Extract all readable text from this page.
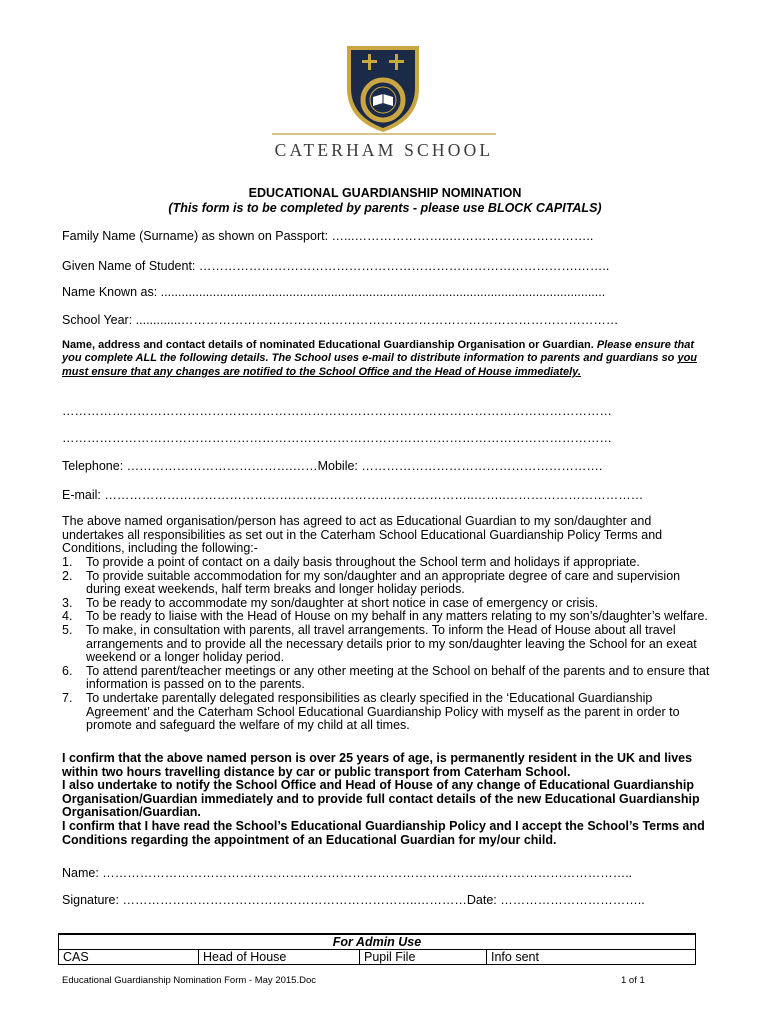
CATERHAM SCHOOL
EDUCATIONAL GUARDIANSHIP NOMINATION
(This form is to be completed by parents - please use BLOCK CAPITALS)
Family Name (Surname) as shown on Passport: …...…………………..……………………………..
Given Name of Student: ……………………………………………………………………………….……..
Name Known as: ................................................................................................................................
School Year: .............……………………………………………………………………………………………
Name, address and contact details of nominated Educational Guardianship Organisation or Guardian. Please ensure that you complete ALL the following details. The School uses e-mail to distribute information to parents and guardians so you must ensure that any changes are notified to the School Office and the Head of House immediately.
……………………………………………………………………………………………………………………
……………………………………………………………………………………………………………………
Telephone: ………………………………….……Mobile: ………………………………………………….
E-mail: ……………………………………………………………………………..……..……………………………
The above named organisation/person has agreed to act as Educational Guardian to my son/daughter and undertakes all responsibilities as set out in the Caterham School Educational Guardianship Policy Terms and Conditions, including the following:-
1. To provide a point of contact on a daily basis throughout the School term and holidays if appropriate.
2. To provide suitable accommodation for my son/daughter and an appropriate degree of care and supervision during exeat weekends, half term breaks and longer holiday periods.
3. To be ready to accommodate my son/daughter at short notice in case of emergency or crisis.
4. To be ready to liaise with the Head of House on my behalf in any matters relating to my son’s/daughter’s welfare.
5. To make, in consultation with parents, all travel arrangements. To inform the Head of House about all travel arrangements and to provide all the necessary details prior to my son/daughter leaving the School for an exeat weekend or a longer holiday period.
6. To attend parent/teacher meetings or any other meeting at the School on behalf of the parents and to ensure that information is passed on to the parents.
7. To undertake parentally delegated responsibilities as clearly specified in the ‘Educational Guardianship Agreement’ and the Caterham School Educational Guardianship Policy with myself as the parent in order to promote and safeguard the welfare of my child at all times.
I confirm that the above named person is over 25 years of age, is permanently resident in the UK and lives within two hours travelling distance by car or public transport from Caterham School.
I also undertake to notify the School Office and Head of House of any change of Educational Guardianship Organisation/Guardian immediately and to provide full contact details of the new Educational Guardianship Organisation/Guardian.
I confirm that I have read the School’s Educational Guardianship Policy and I accept the School’s Terms and Conditions regarding the appointment of an Educational Guardian for my/our child.
Name: ………………………………………………………………………………...……………………………..
Signature: ……………………………………………………………..…………Date: ……………………………..
For Admin Use
CAS	Head of House	Pupil File	Info sent
Educational Guardianship Nomination Form - May 2015.Doc	1 of 1
